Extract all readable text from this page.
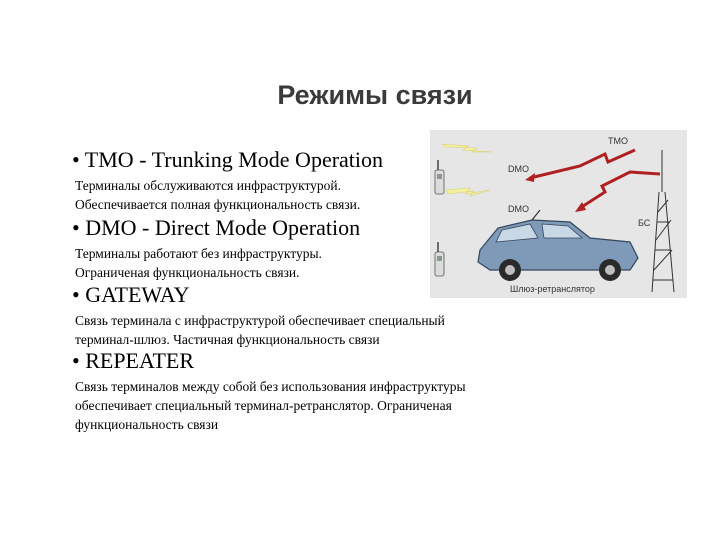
Режимы связи
• TMO - Trunking Mode Operation
Терминалы обслуживаются инфраструктурой.
Обеспечивается полная функциональность связи.
• DMO - Direct Mode Operation
Терминалы работают без инфраструктуры.
Ограниченая функциональность связи.
• GATEWAY
Связь терминала с инфраструктурой обеспечивает специальный
терминал-шлюз. Частичная функциональность связи
• REPEATER
Связь терминалов между собой без использования инфраструктуры
обеспечивает специальный терминал-ретранслятор. Ограниченая
функциональность связи
TMO
DMO
DMO
БС
Шлюз-ретранслятор
